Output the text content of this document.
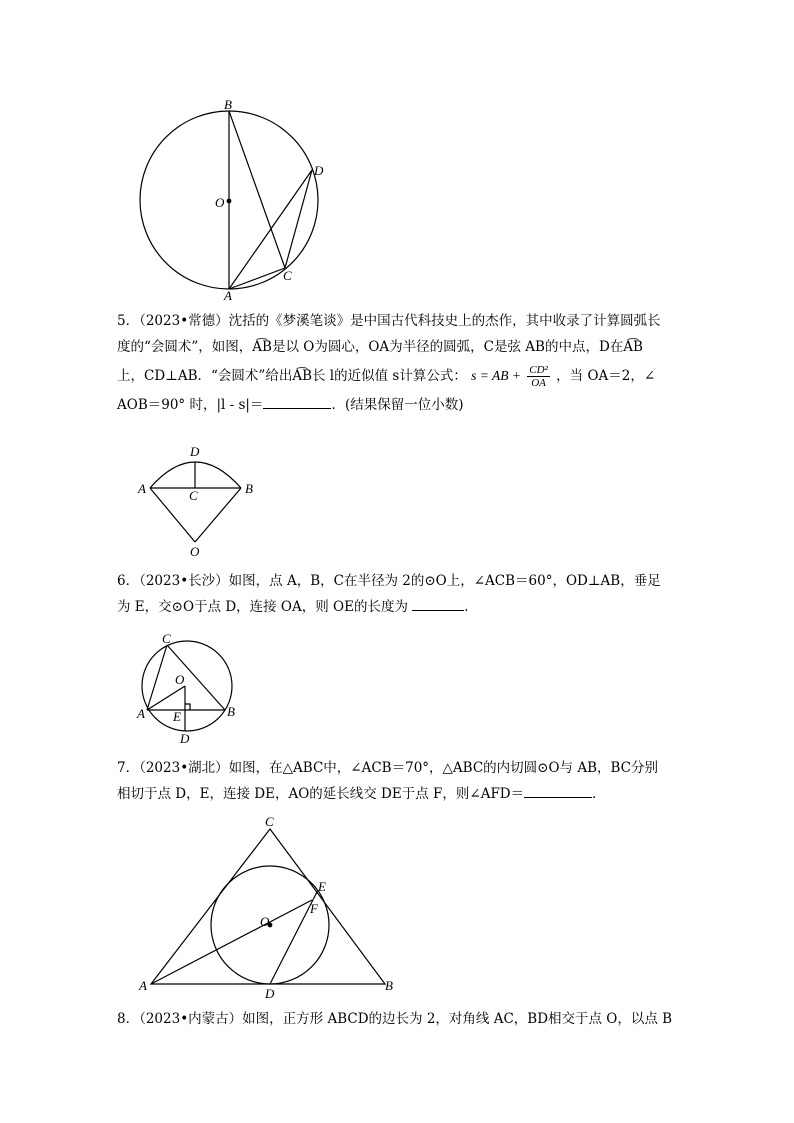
B
O
D
C
A
D
A	C	B
O
C
O
A E	B
D
C
E
F
O
A
D
B

5．（2023•常德）沈括的《梦溪笔谈》是中国古代科技史上的杰作，其中收录了计算圆弧长

度的“会圆术”，如图，A͡B是以 O为圆心，OA为半径的圆弧，C是弦 AB的中点，D在A͡B

上，CD⊥AB．“会圆术”给出A͡B长 l的近似值 s计算公式： s = AB + $\frac{\text{CD²}}{OA}$ ，当 OA＝2，∠

AOB＝90° 时，|l - s|＝	．(结果保留一位小数)

6．（2023•长沙）如图，点 A，B，C在半径为 2的⊙O上，∠ACB＝60°，OD⊥AB，垂足

为 E，交⊙O于点 D，连接 OA，则 OE的长度为	．

7．（2023•湖北）如图，在△ABC中，∠ACB＝70°，△ABC的内切圆⊙O与 AB，BC分别

相切于点 D，E，连接 DE，AO的延长线交 DE于点 F，则∠AFD＝	．

8．（2023•内蒙古）如图，正方形 ABCD的边长为 2，对角线 AC，BD相交于点 O，以点 B
